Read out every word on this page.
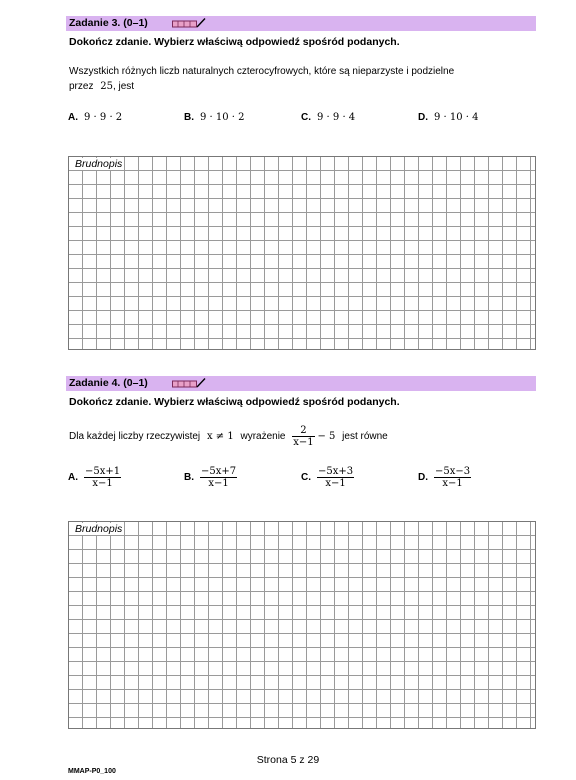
Zadanie 3. (0–1)
Dokończ zdanie. Wybierz właściwą odpowiedź spośród podanych.
Wszystkich różnych liczb naturalnych czterocyfrowych, które są nieparzyste i podzielne
przez 25, jest
A. 9 · 9 · 2	B. 9 · 10 · 2	C. 9 · 9 · 4	D. 9 · 10 · 4
Brudnopis
Zadanie 4. (0–1)
Dokończ zdanie. Wybierz właściwą odpowiedź spośród podanych.
Dla każdej liczby rzeczywistej x ≠ 1 wyrażenie $\frac{2}{x-1} - 5$ jest równe
A. $\frac{-5x+1}{x-1}$	B. $\frac{-5x+7}{x-1}$	C. $\frac{-5x+3}{x-1}$	D. $\frac{-5x-3}{x-1}$
Brudnopis
Strona 5 z 29
MMAP-P0_100
